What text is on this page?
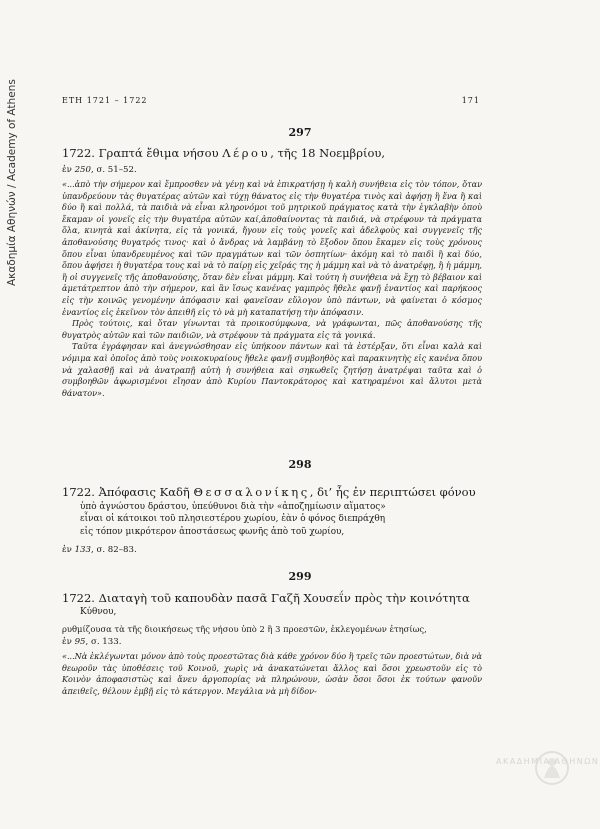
Ακαδημία Αθηνών / Academy of Athens	ΕΤΗ 1721 – 1722	171
297
1722. Γραπτά ἔθιμα νήσου Λέρου, τῆς 18 Νοεμβρίου,
ἐν 250, σ. 51–52.

«...ἀπὸ τὴν σήμερον καὶ ἔμπροσθεν νὰ γένῃ καὶ νὰ ἐπικρατήσῃ ἡ καλὴ συνήθεια εἰς τὸν τόπον, ὅταν ὑπανδρεύουν τὰς θυγατέρας αὐτῶν καὶ τύχῃ θάνατος εἰς τὴν θυγατέρα τινὸς καὶ ἀφήσῃ ἢ ἕνα ἢ καὶ δύο ἢ καὶ πολλά, τὰ παιδιὰ νὰ εἶναι κληρονόμοι τοῦ μητρικοῦ πράγματος κατὰ τὴν ἐγκλαβὴν ὁποὺ ἔκαμαν οἱ γονεῖς εἰς τὴν θυγατέρα αὐτῶν καί,ἀποθαίνοντας τὰ παιδιά, νὰ στρέφουν τὰ πράγματα ὅλα, κινητὰ καὶ ἀκίνητα, εἰς τὰ γονικά, ἤγουν εἰς τοὺς γονεῖς καὶ ἀδελφοὺς καὶ συγγενεῖς τῆς ἀποθανούσης θυγατρός τινος· καὶ ὁ ἄνδρας νὰ λαμβάνῃ τὸ ἔξοδον ὅπου ἔκαμεν εἰς τοὺς χρόνους ὅπου εἶναι ὑπανδρευμένος καὶ τῶν πραγμάτων καὶ τῶν ὁσπητίων· ἀκόμη καὶ τὸ παιδὶ ἢ καὶ δύο, ὅπου ἀφήσει ἡ θυγατέρα τους καὶ νὰ τὸ παίρῃ εἰς χεῖράς της ἡ μάμμη καὶ νὰ τὸ ἀνατρέφῃ, ἢ ἡ μάμμη, ἢ οἱ συγγενεῖς τῆς ἀποθανούσης, ὅταν δὲν εἶναι μάμμη. Καὶ τούτη ἡ συνήθεια νὰ ἔχῃ τὸ βέβαιον καὶ ἀμετάτρεπτον ἀπὸ τὴν σήμερον, καὶ ἂν ἴσως κανένας γαμπρὸς ἤθελε φανῇ ἐναντίος καὶ παρήκοος εἰς τὴν κοινῶς γενομένην ἀπόφασιν καὶ φανεῖσαν εὔλογον ὑπὸ πάντων, νὰ φαίνεται ὁ κόσμος ἐναντίος εἰς ἐκεῖνον τὸν ἀπειθῆ εἰς τὸ νὰ μὴ καταπατήσῃ τὴν ἀπόφασιν.

Πρὸς τούτοις, καὶ ὅταν γίνωνται τὰ προικοσύμφωνα, νὰ γράφωνται, πῶς ἀποθανούσης τῆς θυγατρὸς αὐτῶν καὶ τῶν παιδιῶν, νὰ στρέφουν τὰ πράγματα εἰς τὰ γονικά.

Ταῦτα ἐγράφησαν καὶ ἀνεγνώσθησαν εἰς ὑπήκοον πάντων καὶ τὰ ἐστέρξαν, ὅτι εἶναι καλὰ καὶ νόμιμα καὶ ὁποῖος ἀπὸ τοὺς νοικοκυραίους ἤθελε φανῇ συμβοηθὸς καὶ παρακινητὴς εἰς κανένα ὅπου νὰ χαλασθῇ καὶ νὰ ἀνατραπῇ αὐτὴ ἡ συνήθεια καὶ σηκωθεῖς ζητήσῃ ἀνατρέψαι ταῦτα καὶ ὁ συμβοηθῶν ἀφωρισμένοι εἴησαν ἀπὸ Κυρίου Παντοκράτορος καὶ κατηραμένοι καὶ ἄλυτοι μετὰ θάνατον».

298
1722. Ἀπόφασις Καδῆ Θεσσαλονίκης, δι’ ἧς ἐν περιπτώσει φόνου
ὑπὸ ἀγνώστου δράστου, ὑπεύθυνοι διὰ τὴν «ἀποζημίωσιν αἵματος»
εἶναι οἱ κάτοικοι τοῦ πλησιεστέρου χωρίου, ἐὰν ὁ φόνος διεπράχθη
εἰς τόπον μικρότερον ἀποστάσεως φωνῆς ἀπὸ τοῦ χωρίου,
ἐν 133, σ. 82–83.
299
1722. Διαταγὴ τοῦ καπουδὰν πασᾶ Γαζῆ Χουσεΐν πρὸς τὴν κοινότητα
Κύθνου,
ρυθμίζουσα τὰ τῆς διοικήσεως τῆς νήσου ὑπὸ 2 ἢ 3 προεστῶν, ἐκλεγομένων ἐτησίως,
ἐν 95, σ. 133.

«...Νὰ ἐκλέγωνται μόνον ἀπὸ τοὺς προεστῶτας διὰ κάθε χρόνον δύο ἢ τρεῖς τῶν προεστώτων, διὰ νὰ θεωροῦν τὰς ὑποθέσεις τοῦ Κοινοῦ, χωρὶς νὰ ἀνακατώνεται ἄλλος καὶ ὅσοι χρεωστοῦν εἰς τὸ Κοινὸν ἀποφασιστὼς καὶ ἄνευ ἀργοπορίας νὰ πληρώνουν, ὡσὰν ὅσοι ὅσοι ἐκ τούτων φανοῦν ἀπειθεῖς, θέλουν ἐμβῇ εἰς τὸ κάτεργον. Μεγάλια νὰ μὴ δίδον-

ΑΚΑΔΗΜΙΑ ΑΘΗΝΩΝ
